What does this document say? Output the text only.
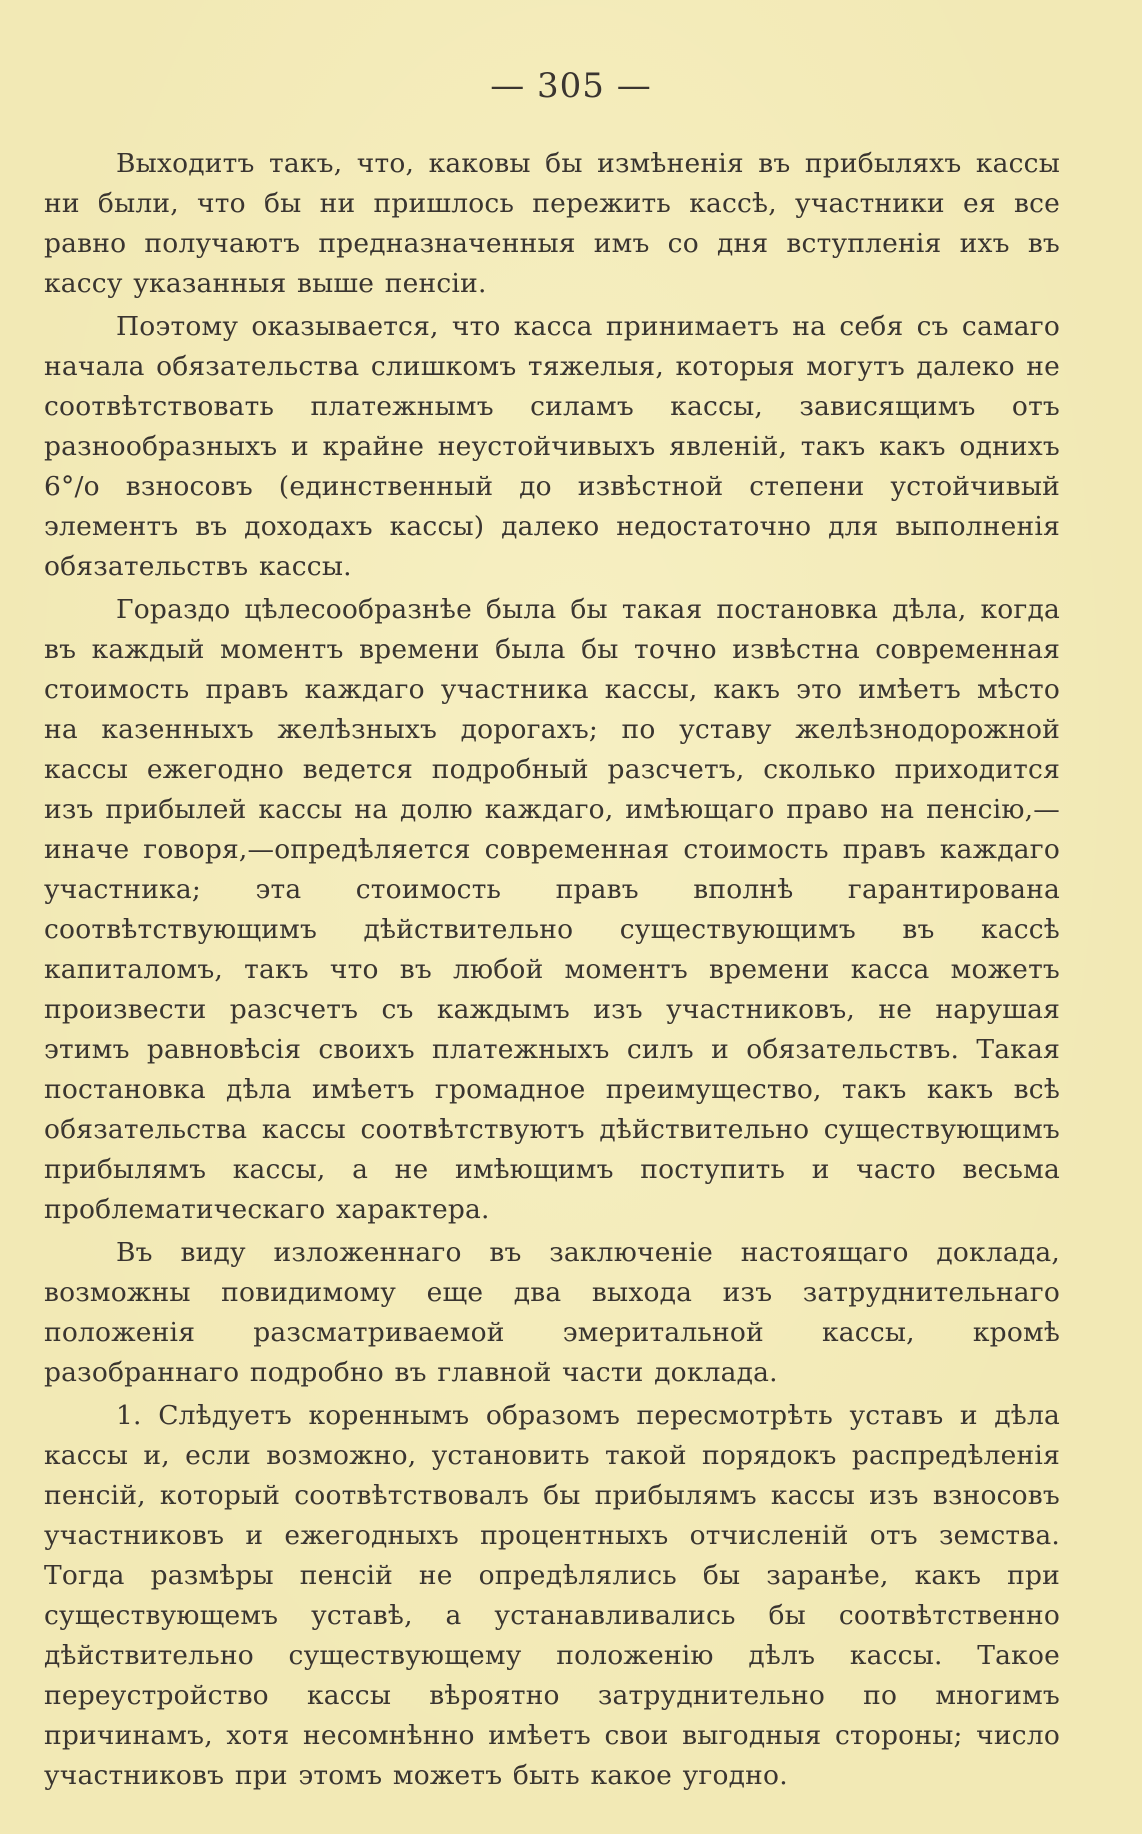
— 305 —

Выходитъ такъ, что, каковы бы измѣненія въ прибыляхъ кассы ни были, что бы ни пришлось пережить кассѣ, участники ея все равно получаютъ предназначенныя имъ со дня вступленія ихъ въ кассу указанныя выше пенсіи.

Поэтому оказывается, что касса принимаетъ на себя съ самаго начала обязательства слишкомъ тяжелыя, которыя могутъ далеко не соотвѣтствовать платежнымъ силамъ кассы, зависящимъ отъ разнообразныхъ и крайне неустойчивыхъ явленій, такъ какъ однихъ 6°/о взносовъ (единственный до извѣстной степени устойчивый элементъ въ доходахъ кассы) далеко недостаточно для выполненія обязательствъ кассы.

Гораздо цѣлесообразнѣе была бы такая постановка дѣла, когда въ каждый моментъ времени была бы точно извѣстна современная стоимость правъ каждаго участника кассы, какъ это имѣетъ мѣсто на казенныхъ желѣзныхъ дорогахъ; по уставу желѣзнодорожной кассы ежегодно ведется подробный разсчетъ, сколько приходится изъ прибылей кассы на долю каждаго, имѣющаго право на пенсію,—иначе говоря,—опредѣляется современная стоимость правъ каждаго участника; эта стоимость правъ вполнѣ гарантирована соотвѣтствующимъ дѣйствительно существующимъ въ кассѣ капиталомъ, такъ что въ любой моментъ времени касса можетъ произвести разсчетъ съ каждымъ изъ участниковъ, не нарушая этимъ равновѣсія своихъ платежныхъ силъ и обязательствъ. Такая постановка дѣла имѣетъ громадное преимущество, такъ какъ всѣ обязательства кассы соотвѣтствуютъ дѣйствительно существующимъ прибылямъ кассы, а не имѣющимъ поступить и часто весьма проблематическаго характера.

Въ виду изложеннаго въ заключеніе настоящаго доклада, возможны повидимому еще два выхода изъ затруднительнаго положенія разсматриваемой эмеритальной кассы, кромѣ разобраннаго подробно въ главной части доклада.

1. Слѣдуетъ кореннымъ образомъ пересмотрѣть уставъ и дѣла кассы и, если возможно, установить такой порядокъ распредѣленія пенсій, который соотвѣтствовалъ бы прибылямъ кассы изъ взносовъ участниковъ и ежегодныхъ процентныхъ отчисленій отъ земства. Тогда размѣры пенсій не опредѣлялись бы заранѣе, какъ при существующемъ уставѣ, а устанавливались бы соотвѣтственно дѣйствительно существующему положенію дѣлъ кассы. Такое переустройство кассы вѣроятно затруднительно по многимъ причинамъ, хотя несомнѣнно имѣетъ свои выгодныя стороны; число участниковъ при этомъ можетъ быть какое угодно.
